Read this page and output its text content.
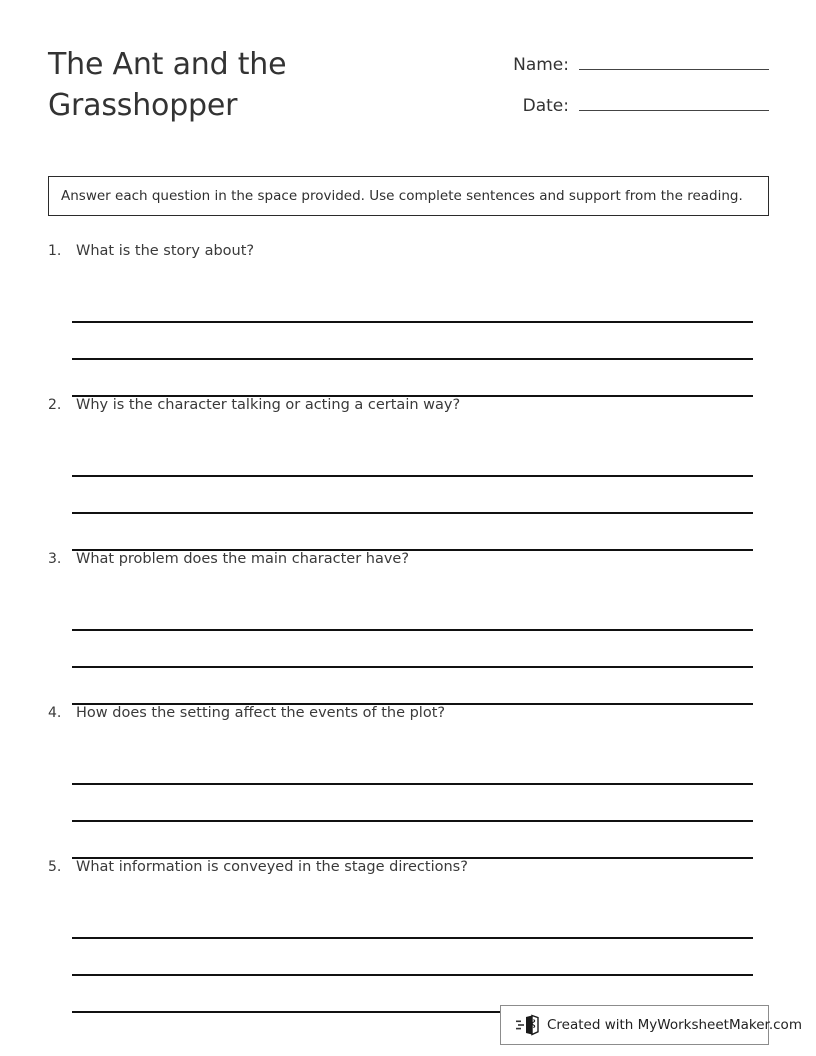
The Ant and the Grasshopper
Name:
Date:
Answer each question in the space provided. Use complete sentences and support from the reading.
1.	What is the story about?
2.	Why is the character talking or acting a certain way?
3.	What problem does the main character have?
4.	How does the setting affect the events of the plot?
5.	What information is conveyed in the stage directions?
Created with MyWorksheetMaker.com
